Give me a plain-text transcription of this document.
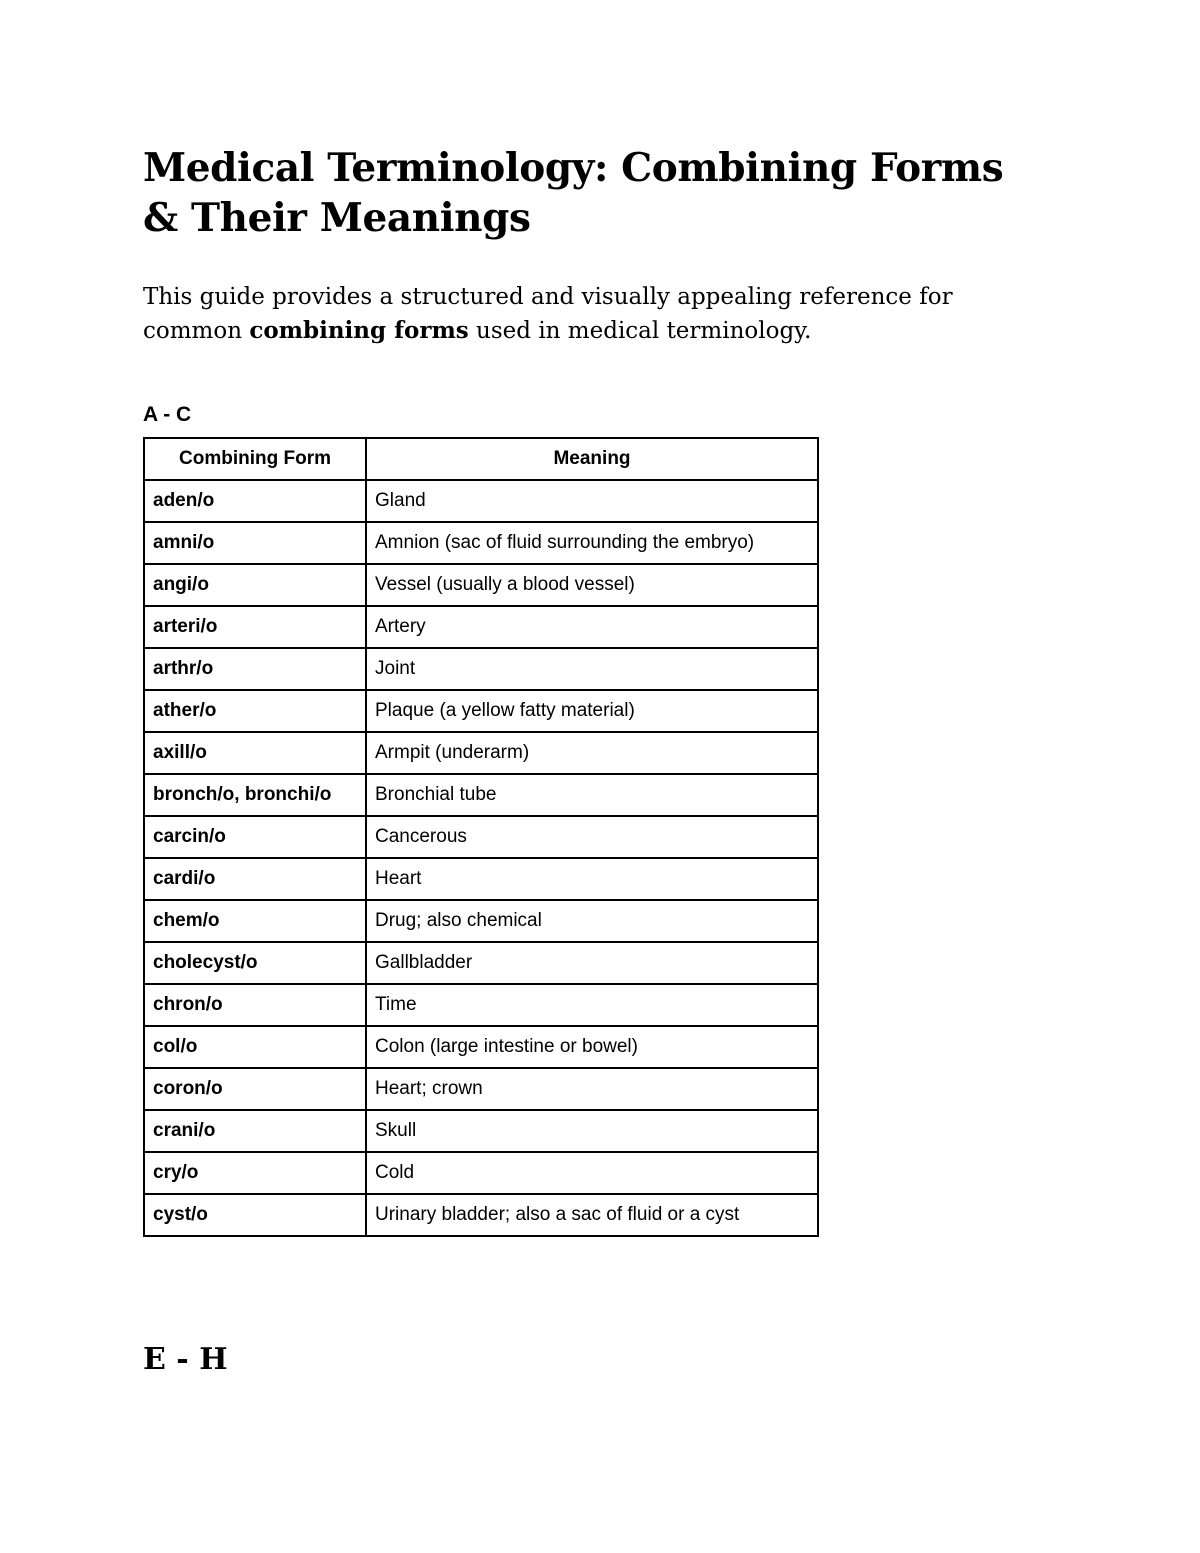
Medical Terminology: Combining Forms & Their Meanings

This guide provides a structured and visually appealing reference for common combining forms used in medical terminology.

A - C
Combining Form	Meaning
aden/o	Gland
amni/o	Amnion (sac of fluid surrounding the embryo)
angi/o	Vessel (usually a blood vessel)
arteri/o	Artery
arthr/o	Joint
ather/o	Plaque (a yellow fatty material)
axill/o	Armpit (underarm)
bronch/o, bronchi/o	Bronchial tube
carcin/o	Cancerous
cardi/o	Heart
chem/o	Drug; also chemical
cholecyst/o	Gallbladder
chron/o	Time
col/o	Colon (large intestine or bowel)
coron/o	Heart; crown
crani/o	Skull
cry/o	Cold
cyst/o	Urinary bladder; also a sac of fluid or a cyst
E - H
